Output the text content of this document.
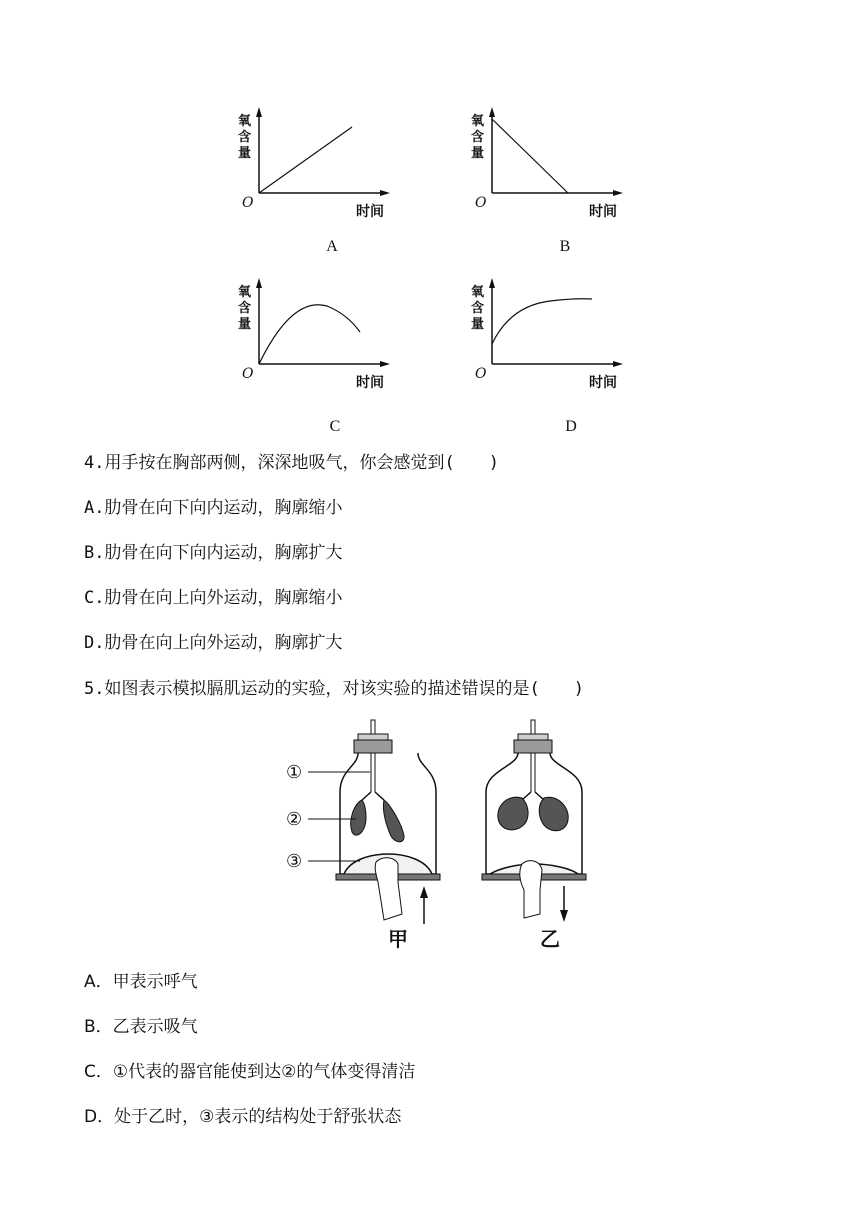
氧
含
量
O
时间
A
氧
含
量
O
时间
B
氧
含
量
O
时间
C
氧
含
量
O
时间
D
4.用手按在胸部两侧，深深地吸气，你会感觉到(　　)
A.肋骨在向下向内运动，胸廓缩小
B.肋骨在向下向内运动，胸廓扩大
C.肋骨在向上向外运动，胸廓缩小
D.肋骨在向上向外运动，胸廓扩大
5.如图表示模拟膈肌运动的实验，对该实验的描述错误的是(　　)
①
②
③
甲	乙
A．甲表示呼气
B．乙表示吸气
C．①代表的器官能使到达②的气体变得清洁
D．处于乙时，③表示的结构处于舒张状态
